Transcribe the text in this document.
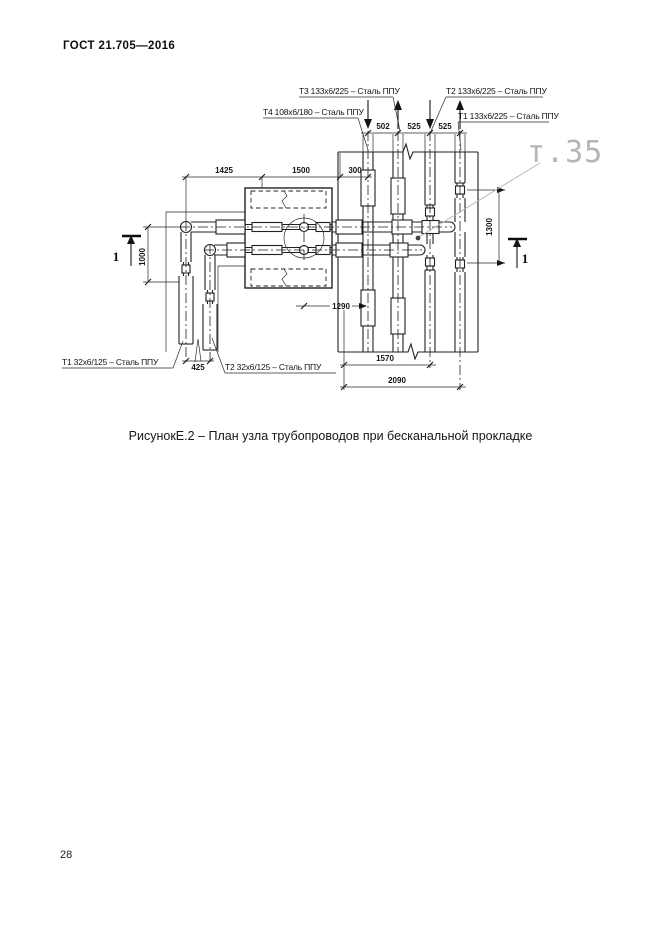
ГОСТ 21.705—2016
502 525 525
1425	1500	300
1000
425
1290
1300
1570
2090
Т3 133х6/225 – Сталь ППУ	Т2 133х6/225 – Сталь ППУ
Т4 108х6/180 – Сталь ППУ	Т1 133х6/225 – Сталь ППУ
Т1 32х6/125 – Сталь ППУ	Т2 32х6/125 – Сталь ППУ
1	1
т.35
РисунокЕ.2 – План узла трубопроводов при бесканальной прокладке
28
